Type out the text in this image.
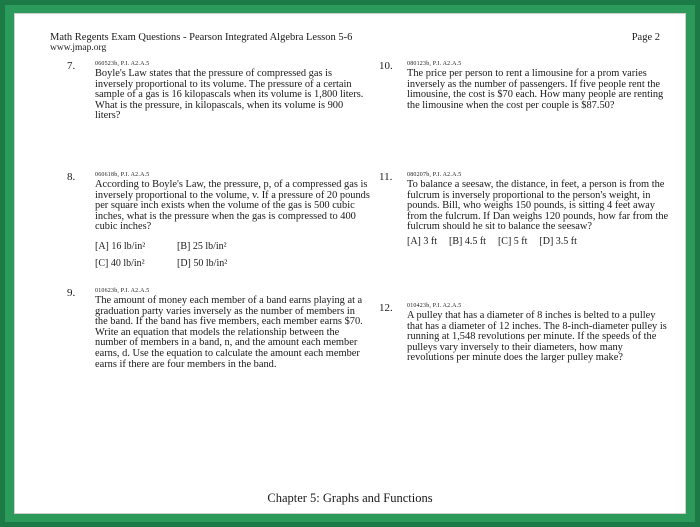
Math Regents Exam Questions - Pearson Integrated Algebra Lesson 5-6
www.jmap.org
Page 2
7.	060523b, P.I. A2.A.5

Boyle's Law states that the pressure of compressed gas is inversely proportional to its volume. The pressure of a certain sample of a gas is 16 kilopascals when its volume is 1,800 liters. What is the pressure, in kilopascals, when its volume is 900 liters?

8.	060618b, P.I. A2.A.5

According to Boyle's Law, the pressure, p, of a compressed gas is inversely proportional to the volume, v. If a pressure of 20 pounds per square inch exists when the volume of the gas is 500 cubic inches, what is the pressure when the gas is compressed to 400 cubic inches?

[A] 16 lb/in²	[B] 25 lb/in²
[C] 40 lb/in²	[D] 50 lb/in²
9.	010623b, P.I. A2.A.5

The amount of money each member of a band earns playing at a graduation party varies inversely as the number of members in the band. If the band has five members, each member earns $70. Write an equation that models the relationship between the number of members in a band, n, and the amount each member earns, d. Use the equation to calculate the amount each member earns if there are four members in the band.

10. 080123b, P.I. A2.A.5

The price per person to rent a limousine for a prom varies inversely as the number of passengers. If five people rent the limousine, the cost is $70 each. How many people are renting the limousine when the cost per couple is $87.50?

11. 080207b, P.I. A2.A.5

To balance a seesaw, the distance, in feet, a person is from the fulcrum is inversely proportional to the person's weight, in pounds. Bill, who weighs 150 pounds, is sitting 4 feet away from the fulcrum. If Dan weighs 120 pounds, how far from the fulcrum should he sit to balance the seesaw?

[A] 3 ft [B] 4.5 ft [C] 5 ft [D] 3.5 ft
12. 010423b, P.I. A2.A.5

A pulley that has a diameter of 8 inches is belted to a pulley that has a diameter of 12 inches. The 8-inch-diameter pulley is running at 1,548 revolutions per minute. If the speeds of the pulleys vary inversely to their diameters, how many revolutions per minute does the larger pulley make?

Chapter 5: Graphs and Functions
